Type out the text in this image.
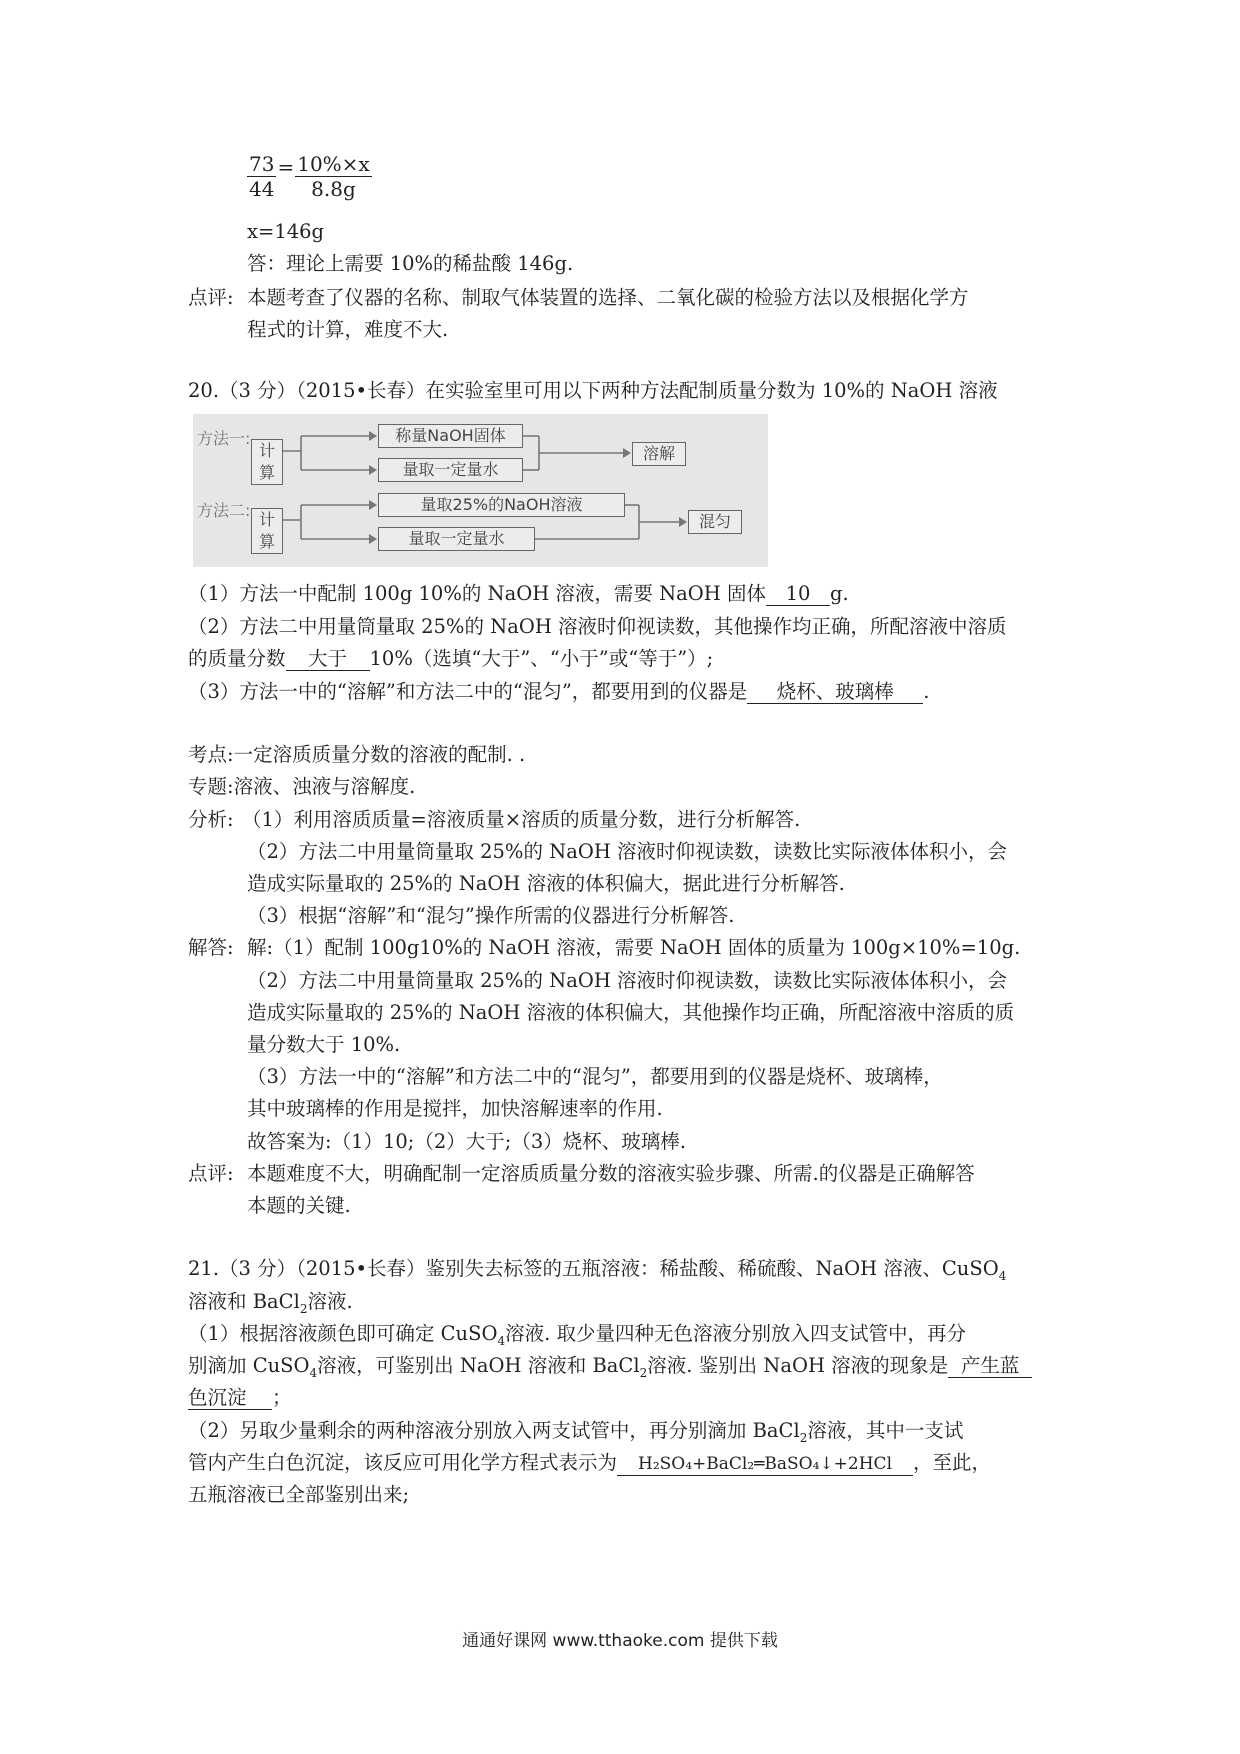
$\frac{73}{44} = \frac{10\%\times x}{8.8g}$
x=146g
答：理论上需要 10%的稀盐酸 146g.
点评: 本题考查了仪器的名称、制取气体装置的选择、二氧化碳的检验方法以及根据化学方
程式的计算，难度不大.
20.（3 分）（2015•长春）在实验室里可用以下两种方法配制质量分数为 10%的 NaOH 溶液
方法一:
计算
称量NaOH固体
量取一定量水
溶解
方法二: 计算
量取25%的NaOH溶液
量取一定量水
混匀
（1）方法一中配制 100g 10%的 NaOH 溶液，需要 NaOH 固体 10 g.
（2）方法二中用量筒量取 25%的 NaOH 溶液时仰视读数，其他操作均正确，所配溶液中溶质
的质量分数 大于 10%（选填“大于”、“小于”或“等于”）;
（3）方法一中的“溶解”和方法二中的“混匀”，都要用到的仪器是 烧杯、玻璃棒 .
考点:一定溶质质量分数的溶液的配制. .
专题:溶液、浊液与溶解度.
分析: （1）利用溶质质量=溶液质量×溶质的质量分数，进行分析解答.
（2）方法二中用量筒量取 25%的 NaOH 溶液时仰视读数，读数比实际液体体积小，会
造成实际量取的 25%的 NaOH 溶液的体积偏大，据此进行分析解答.
（3）根据“溶解”和“混匀”操作所需的仪器进行分析解答.
解答: 解:（1）配制 100g10%的 NaOH 溶液，需要 NaOH 固体的质量为 100g×10%=10g.
（2）方法二中用量筒量取 25%的 NaOH 溶液时仰视读数，读数比实际液体体积小，会
造成实际量取的 25%的 NaOH 溶液的体积偏大，其他操作均正确，所配溶液中溶质的质
量分数大于 10%.
（3）方法一中的“溶解”和方法二中的“混匀”，都要用到的仪器是烧杯、玻璃棒，
其中玻璃棒的作用是搅拌，加快溶解速率的作用.
故答案为:（1）10;（2）大于;（3）烧杯、玻璃棒.
点评: 本题难度不大，明确配制一定溶质质量分数的溶液实验步骤、所需.的仪器是正确解答
本题的关键.
21.（3 分）（2015•长春）鉴别失去标签的五瓶溶液：稀盐酸、稀硫酸、NaOH 溶液、CuSO$_4$
溶液和 BaCl$_2$溶液.
（1）根据溶液颜色即可确定 CuSO$_4$溶液. 取少量四种无色溶液分别放入四支试管中，再分
别滴加 CuSO$_4$溶液，可鉴别出 NaOH 溶液和 BaCl$_2$溶液. 鉴别出 NaOH 溶液的现象是 产生蓝
色沉淀 ；
（2）另取少量剩余的两种溶液分别放入两支试管中，再分别滴加 BaCl$_2$溶液，其中一支试
管内产生白色沉淀，该反应可用化学方程式表示为 H₂SO₄+BaCl₂═BaSO₄↓+2HCl ，至此，
五瓶溶液已全部鉴别出来;
通通好课网 www.tthaoke.com 提供下载
